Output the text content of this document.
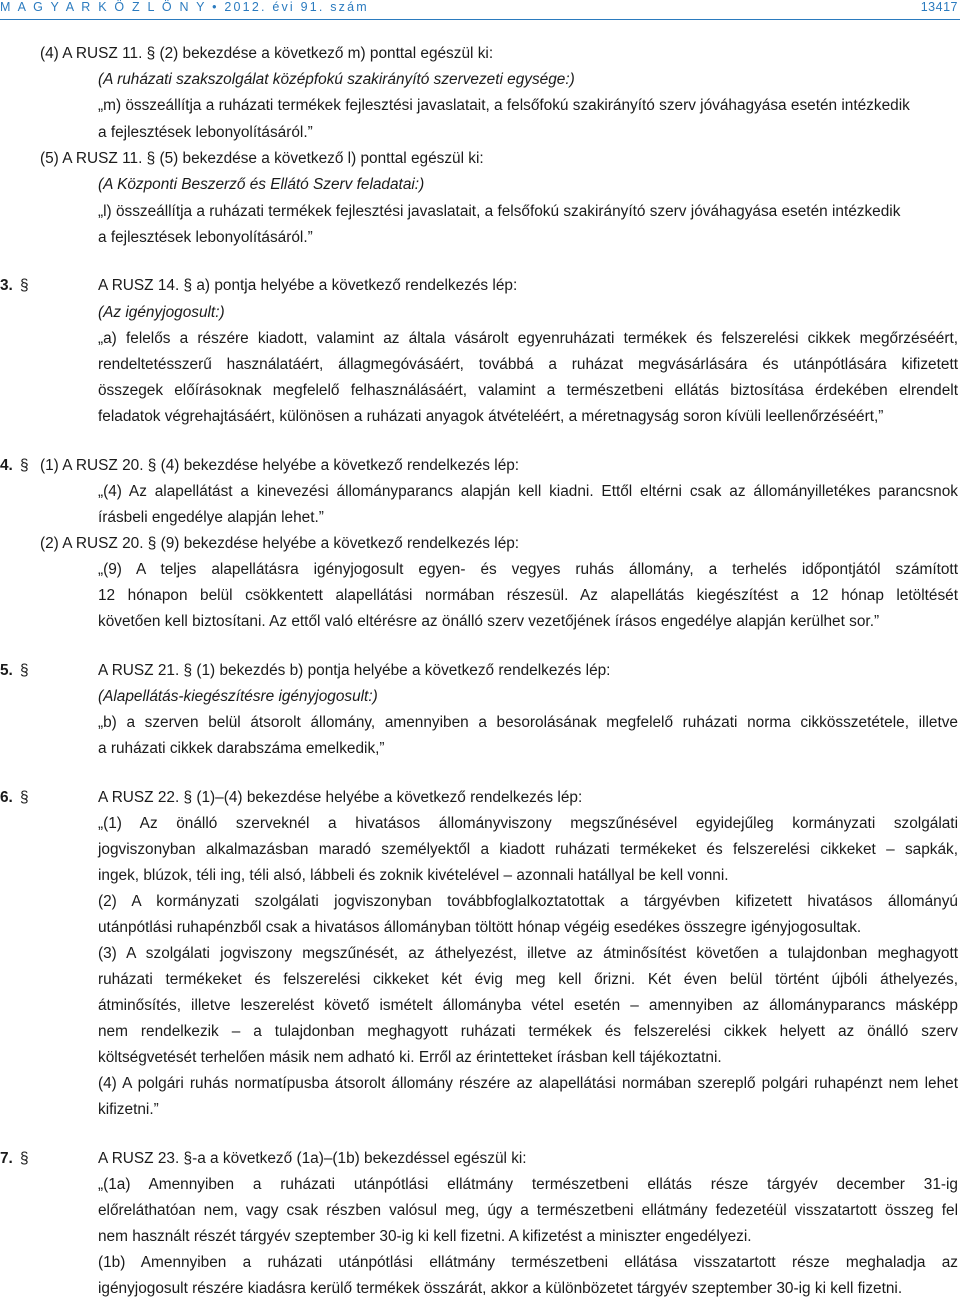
M A G Y A R K Ö Z L Ö N Y • 2012. évi 91. szám	13417
(4) A RUSZ 11. § (2) bekezdése a következő m) ponttal egészül ki:
(A ruházati szakszolgálat középfokú szakirányító szervezeti egysége:)
„m) összeállítja a ruházati termékek fejlesztési javaslatait, a felsőfokú szakirányító szerv jóváhagyása esetén intézkedik
a fejlesztések lebonyolításáról.”
(5) A RUSZ 11. § (5) bekezdése a következő l) ponttal egészül ki:
(A Központi Beszerző és Ellátó Szerv feladatai:)
„l) összeállítja a ruházati termékek fejlesztési javaslatait, a felsőfokú szakirányító szerv jóváhagyása esetén intézkedik
a fejlesztések lebonyolításáról.”
3. §	A RUSZ 14. § a) pontja helyébe a következő rendelkezés lép:
(Az igényjogosult:)
„a) felelős a részére kiadott, valamint az általa vásárolt egyenruházati termékek és felszerelési cikkek megőrzéséért,
rendeltetésszerű használatáért, állagmegóvásáért, továbbá a ruházat megvásárlására és utánpótlására kifizetett
összegek előírásoknak megfelelő felhasználásáért, valamint a természetbeni ellátás biztosítása érdekében elrendelt
feladatok végrehajtásáért, különösen a ruházati anyagok átvételéért, a méretnagyság soron kívüli leellenőrzéséért,”
4. § (1) A RUSZ 20. § (4) bekezdése helyébe a következő rendelkezés lép:
„(4) Az alapellátást a kinevezési állományparancs alapján kell kiadni. Ettől eltérni csak az állományilletékes parancsnok
írásbeli engedélye alapján lehet.”
(2) A RUSZ 20. § (9) bekezdése helyébe a következő rendelkezés lép:
„(9) A teljes alapellátásra igényjogosult egyen- és vegyes ruhás állomány, a terhelés időpontjától számított
12 hónapon belül csökkentett alapellátási normában részesül. Az alapellátás kiegészítést a 12 hónap letöltését
követően kell biztosítani. Az ettől való eltérésre az önálló szerv vezetőjének írásos engedélye alapján kerülhet sor.”
5. §	A RUSZ 21. § (1) bekezdés b) pontja helyébe a következő rendelkezés lép:
(Alapellátás-kiegészítésre igényjogosult:)
„b) a szerven belül átsorolt állomány, amennyiben a besorolásának megfelelő ruházati norma cikkösszetétele, illetve
a ruházati cikkek darabszáma emelkedik,”
6. §	A RUSZ 22. § (1)–(4) bekezdése helyébe a következő rendelkezés lép:
„(1) Az önálló szerveknél a hivatásos állományviszony megszűnésével egyidejűleg kormányzati szolgálati
jogviszonyban alkalmazásban maradó személyektől a kiadott ruházati termékeket és felszerelési cikkeket – sapkák,
ingek, blúzok, téli ing, téli alsó, lábbeli és zoknik kivételével – azonnali hatállyal be kell vonni.
(2) A kormányzati szolgálati jogviszonyban továbbfoglalkoztatottak a tárgyévben kifizetett hivatásos állományú
utánpótlási ruhapénzből csak a hivatásos állományban töltött hónap végéig esedékes összegre igényjogosultak.
(3) A szolgálati jogviszony megszűnését, az áthelyezést, illetve az átminősítést követően a tulajdonban meghagyott
ruházati termékeket és felszerelési cikkeket két évig meg kell őrizni. Két éven belül történt újbóli áthelyezés,
átminősítés, illetve leszerelést követő ismételt állományba vétel esetén – amennyiben az állományparancs másképp
nem rendelkezik – a tulajdonban meghagyott ruházati termékek és felszerelési cikkek helyett az önálló szerv
költségvetését terhelően másik nem adható ki. Erről az érintetteket írásban kell tájékoztatni.
(4) A polgári ruhás normatípusba átsorolt állomány részére az alapellátási normában szereplő polgári ruhapénzt nem lehet
kifizetni.”
7. §	A RUSZ 23. §-a a következő (1a)–(1b) bekezdéssel egészül ki:
„(1a) Amennyiben a ruházati utánpótlási ellátmány természetbeni ellátás része tárgyév december 31-ig
előreláthatóan nem, vagy csak részben valósul meg, úgy a természetbeni ellátmány fedezetéül visszatartott összeg fel
nem használt részét tárgyév szeptember 30-ig ki kell fizetni. A kifizetést a miniszter engedélyezi.
(1b) Amennyiben a ruházati utánpótlási ellátmány természetbeni ellátása visszatartott része meghaladja az
igényjogosult részére kiadásra kerülő termékek összárát, akkor a különbözetet tárgyév szeptember 30-ig ki kell fizetni.
